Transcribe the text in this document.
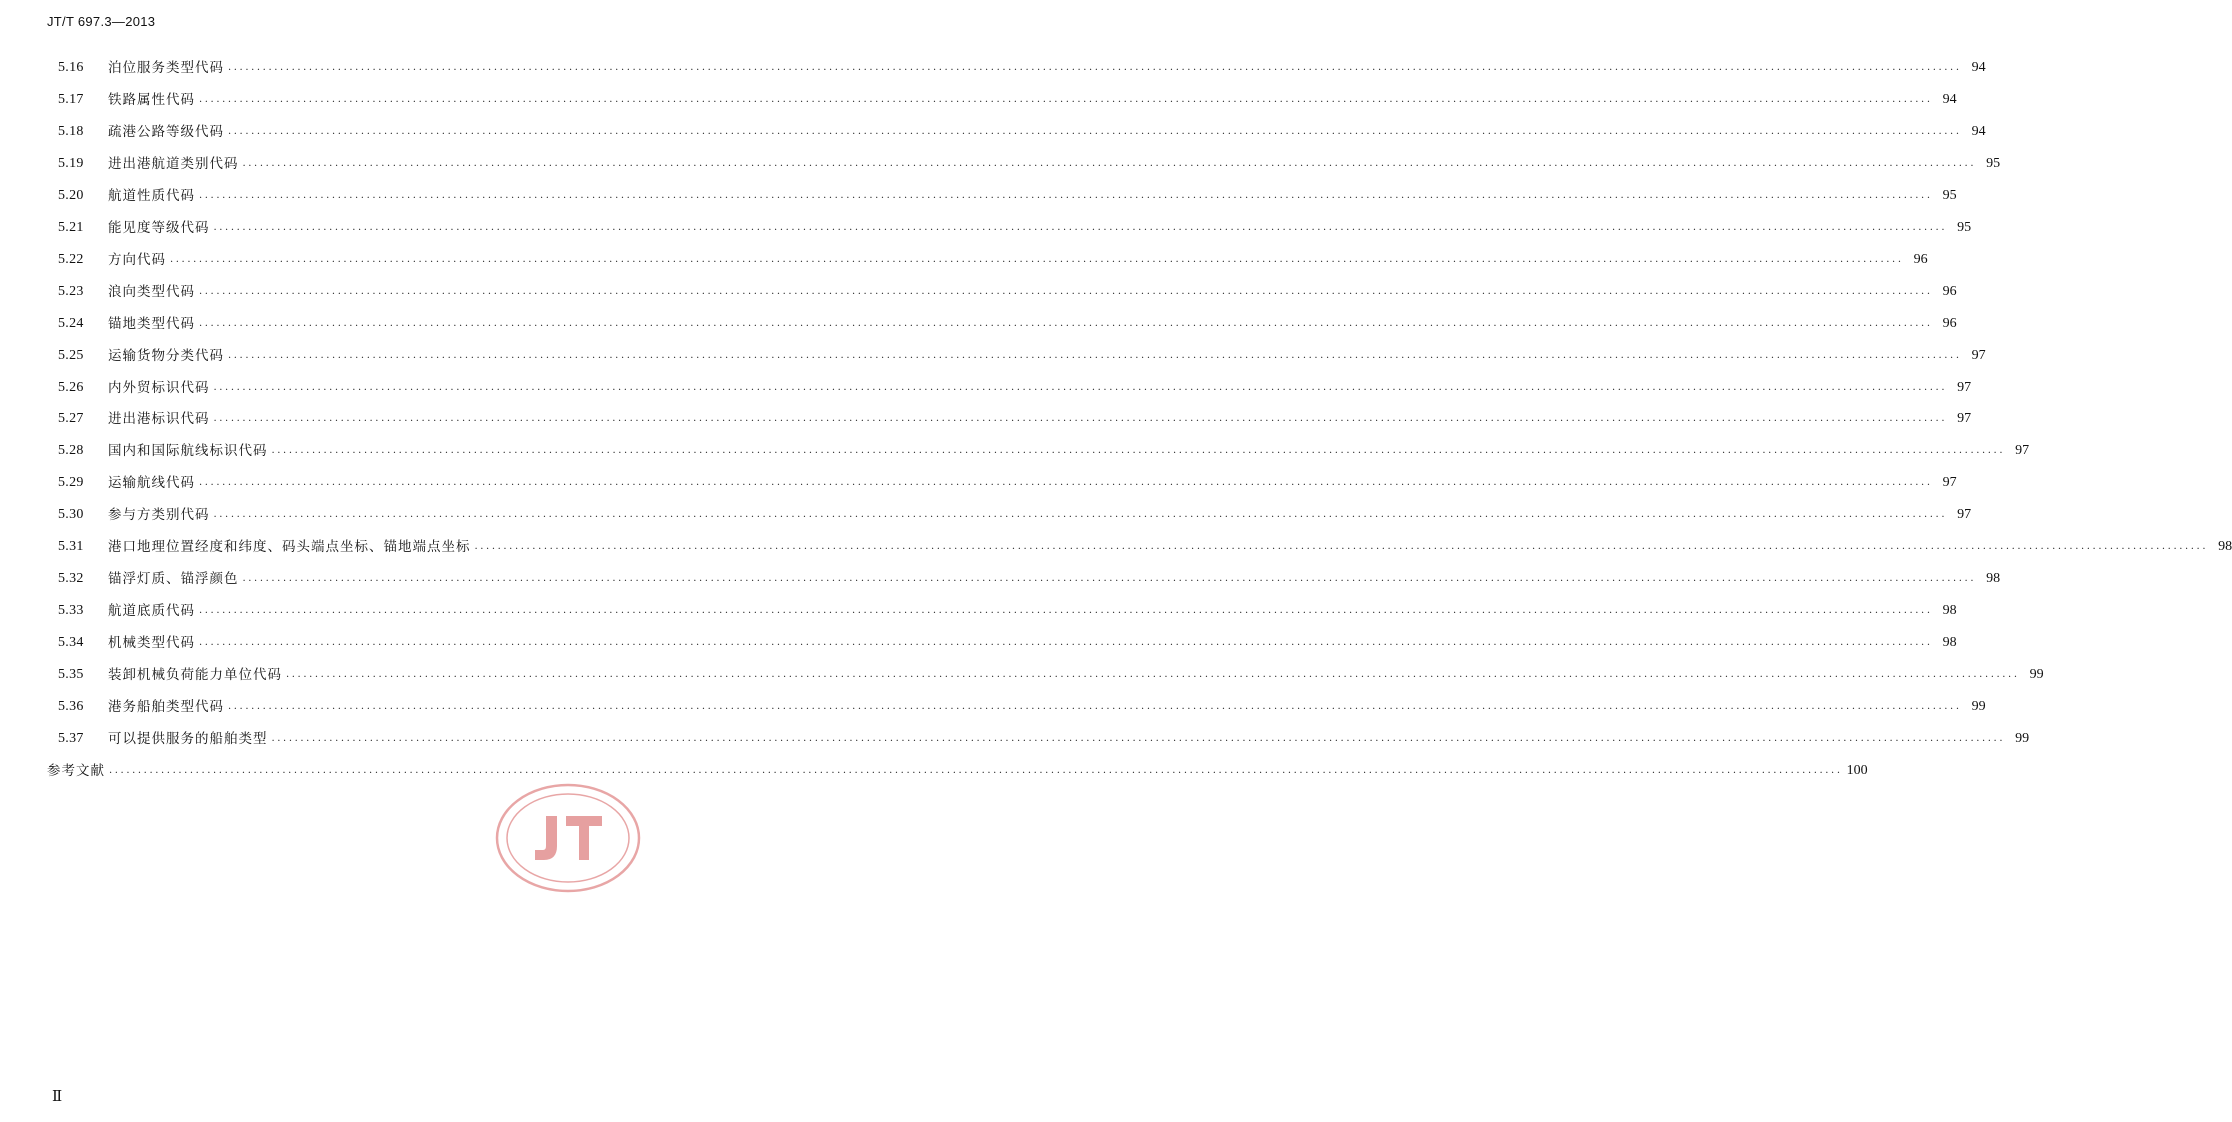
JT/T 697.3—2013
5.16	泊位服务类型代码 ............................................................................................................................................................................................................................................................................................................ 94
5.17	铁路属性代码 ............................................................................................................................................................................................................................................................................................................ 94
5.18	疏港公路等级代码 ............................................................................................................................................................................................................................................................................................................ 94
5.19	进出港航道类别代码 ............................................................................................................................................................................................................................................................................................................ 95
5.20	航道性质代码 ............................................................................................................................................................................................................................................................................................................ 95
5.21	能见度等级代码 ............................................................................................................................................................................................................................................................................................................ 95
5.22	方向代码 ............................................................................................................................................................................................................................................................................................................ 96
5.23	浪向类型代码 ............................................................................................................................................................................................................................................................................................................ 96
5.24	锚地类型代码 ............................................................................................................................................................................................................................................................................................................ 96
5.25	运输货物分类代码 ............................................................................................................................................................................................................................................................................................................ 97
5.26	内外贸标识代码 ............................................................................................................................................................................................................................................................................................................ 97
5.27	进出港标识代码 ............................................................................................................................................................................................................................................................................................................ 97
5.28	国内和国际航线标识代码 ............................................................................................................................................................................................................................................................................................................ 97
5.29	运输航线代码 ............................................................................................................................................................................................................................................................................................................ 97
5.30	参与方类别代码 ............................................................................................................................................................................................................................................................................................................ 97
5.31	港口地理位置经度和纬度、码头端点坐标、锚地端点坐标 ............................................................................................................................................................................................................................................................................................................ 98
5.32	锚浮灯质、锚浮颜色 ............................................................................................................................................................................................................................................................................................................ 98
5.33	航道底质代码 ............................................................................................................................................................................................................................................................................................................ 98
5.34	机械类型代码 ............................................................................................................................................................................................................................................................................................................ 98
5.35	装卸机械负荷能力单位代码 ............................................................................................................................................................................................................................................................................................................ 99
5.36	港务船舶类型代码 ............................................................................................................................................................................................................................................................................................................ 99
5.37	可以提供服务的船舶类型 ............................................................................................................................................................................................................................................................................................................ 99
参考文献 ............................................................................................................................................................................................................................................................................................................ 100
Ⅱ
